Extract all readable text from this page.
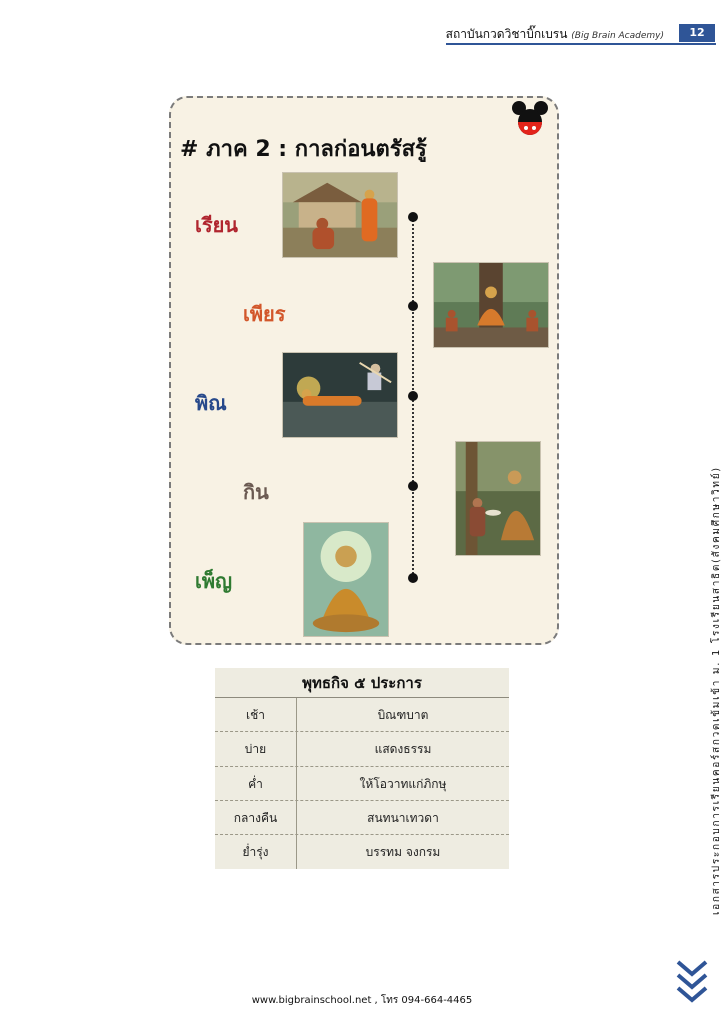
สถาบันกวดวิชาบิ๊กเบรน (Big Brain Academy)	12
เอกสารประกอบการเรียนคอร์สกวดเข้มเข้า ม. 1 โรงเรียนสาธิต(สังคมศึกษาวิทย์)
# ภาค 2 : กาลก่อนตรัสรู้
เรียน
เพียร
พิณ
กิน
เพ็ญ
พุทธกิจ ๕ ประการ
เช้า	บิณฑบาต
บ่าย	แสดงธรรม
ค่ำ	ให้โอวาทแก่ภิกษุ
กลางคืน	สนทนาเทวดา
ย่ำรุ่ง	บรรทม จงกรม
www.bigbrainschool.net , โทร 094-664-4465
